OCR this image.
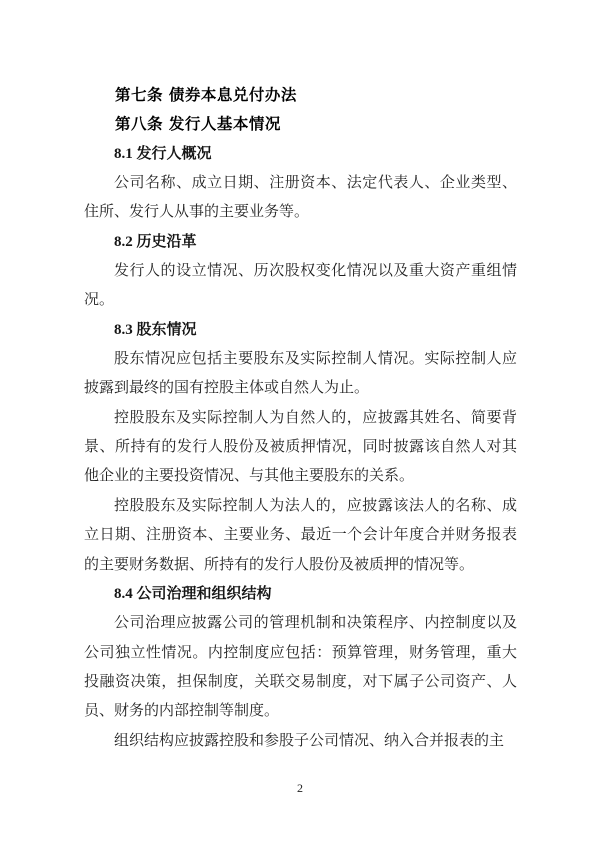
第七条 债券本息兑付办法
第八条 发行人基本情况
8.1 发行人概况
公司名称、成立日期、注册资本、法定代表人、企业类型、住所、发行人从事的主要业务等。
8.2 历史沿革
发行人的设立情况、历次股权变化情况以及重大资产重组情况。
8.3 股东情况
股东情况应包括主要股东及实际控制人情况。实际控制人应披露到最终的国有控股主体或自然人为止。
控股股东及实际控制人为自然人的，应披露其姓名、简要背景、所持有的发行人股份及被质押情况，同时披露该自然人对其他企业的主要投资情况、与其他主要股东的关系。
控股股东及实际控制人为法人的，应披露该法人的名称、成立日期、注册资本、主要业务、最近一个会计年度合并财务报表的主要财务数据、所持有的发行人股份及被质押的情况等。
8.4 公司治理和组织结构
公司治理应披露公司的管理机制和决策程序、内控制度以及公司独立性情况。内控制度应包括：预算管理，财务管理，重大投融资决策，担保制度，关联交易制度，对下属子公司资产、人员、财务的内部控制等制度。
组织结构应披露控股和参股子公司情况、纳入合并报表的主
2
